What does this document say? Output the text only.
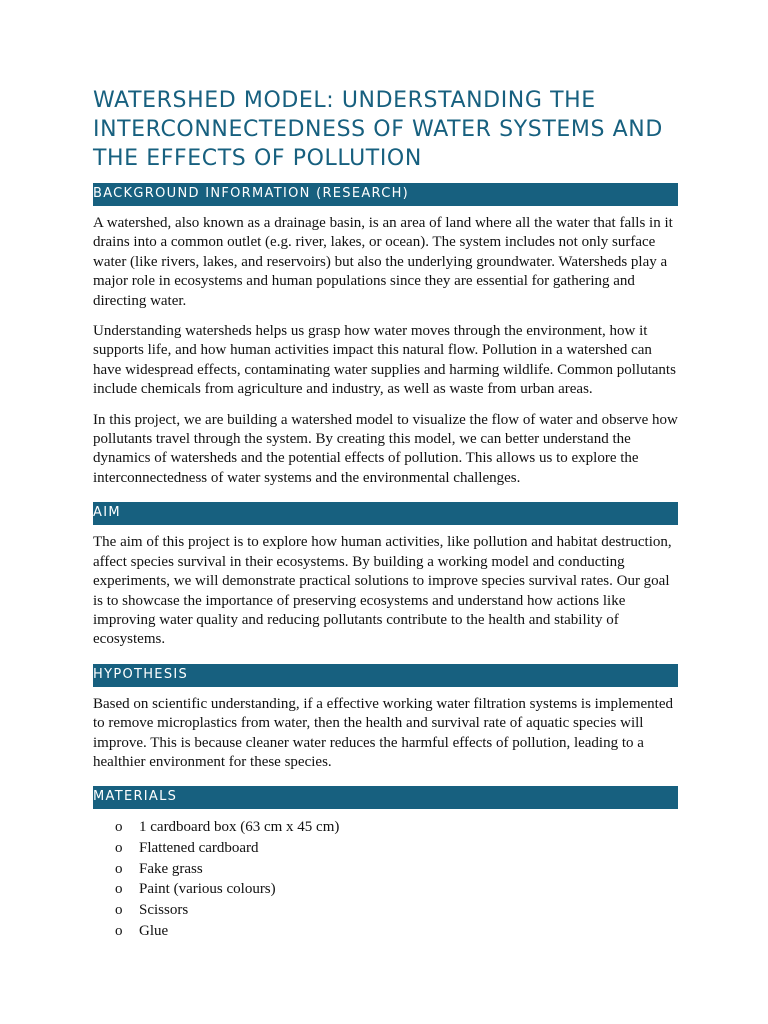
WATERSHED MODEL: UNDERSTANDING THE INTERCONNECTEDNESS OF WATER SYSTEMS AND THE EFFECTS OF POLLUTION
BACKGROUND INFORMATION (RESEARCH)

A watershed, also known as a drainage basin, is an area of land where all the water that falls in it drains into a common outlet (e.g. river, lakes, or ocean). The system includes not only surface water (like rivers, lakes, and reservoirs) but also the underlying groundwater. Watersheds play a major role in ecosystems and human populations since they are essential for gathering and directing water.

Understanding watersheds helps us grasp how water moves through the environment, how it supports life, and how human activities impact this natural flow. Pollution in a watershed can have widespread effects, contaminating water supplies and harming wildlife. Common pollutants include chemicals from agriculture and industry, as well as waste from urban areas.

In this project, we are building a watershed model to visualize the flow of water and observe how pollutants travel through the system. By creating this model, we can better understand the dynamics of watersheds and the potential effects of pollution. This allows us to explore the interconnectedness of water systems and the environmental challenges.

AIM

The aim of this project is to explore how human activities, like pollution and habitat destruction, affect species survival in their ecosystems. By building a working model and conducting experiments, we will demonstrate practical solutions to improve species survival rates. Our goal is to showcase the importance of preserving ecosystems and understand how actions like improving water quality and reducing pollutants contribute to the health and stability of ecosystems.

HYPOTHESIS

Based on scientific understanding, if a effective working water filtration systems is implemented to remove microplastics from water, then the health and survival rate of aquatic species will improve. This is because cleaner water reduces the harmful effects of pollution, leading to a healthier environment for these species.

MATERIALS
o 1 cardboard box (63 cm x 45 cm)
o Flattened cardboard
o Fake grass
o Paint (various colours)
o Scissors
o Glue
